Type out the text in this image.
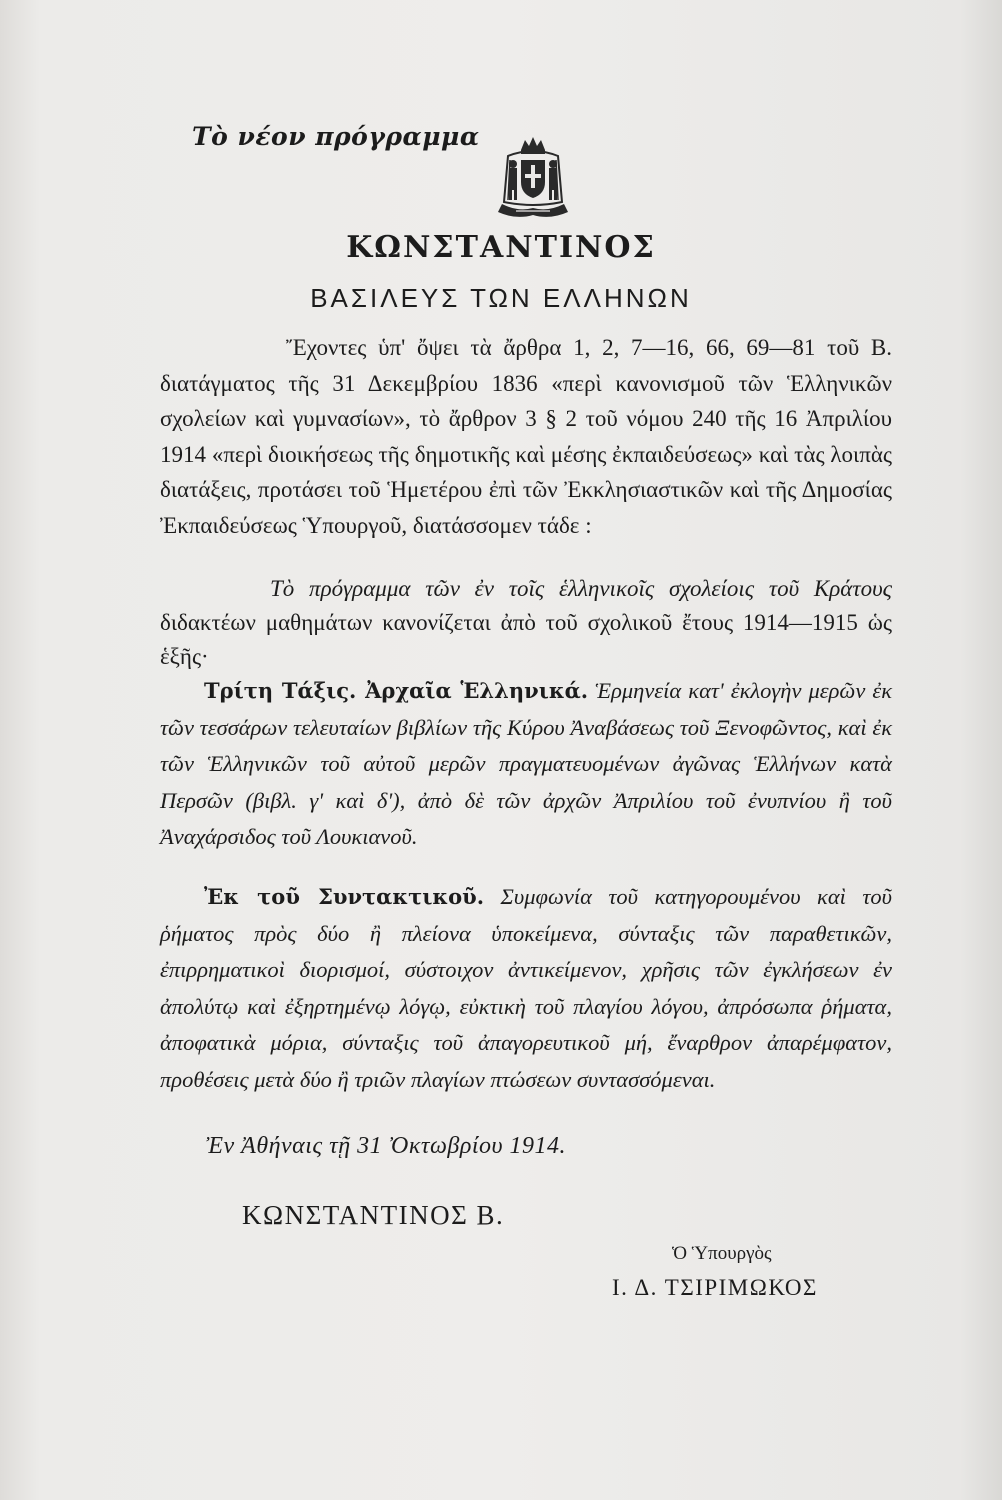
Τὸ νέον πρόγραμμα
ΚΩΝΣΤΑΝΤΙΝΟΣ
ΒΑΣΙΛΕΥΣ ΤΩΝ ΕΛΛΗΝΩΝ
Ἔχοντες ὑπ' ὄψει τὰ ἄρθρα 1, 2, 7—16, 66, 69—81 τοῦ Β. διατάγματος τῆς 31 Δεκεμβρίου 1836 «περὶ κανονισμοῦ τῶν Ἑλληνικῶν σχολείων καὶ γυμνασίων», τὸ ἄρθρον 3 § 2 τοῦ νόμου 240 τῆς 16 Ἀπριλίου 1914 «περὶ διοικήσεως τῆς δημοτικῆς καὶ μέσης ἐκπαιδεύσεως» καὶ τὰς λοιπὰς διατάξεις, προτάσει τοῦ Ἡμετέρου ἐπὶ τῶν Ἐκκλησιαστικῶν καὶ τῆς Δημοσίας Ἐκπαιδεύσεως Ὑπουργοῦ, διατάσσομεν τάδε :
Τὸ πρόγραμμα τῶν ἐν τοῖς ἑλληνικοῖς σχολείοις τοῦ Κράτους διδακτέων μαθημάτων κανονίζεται ἀπὸ τοῦ σχολικοῦ ἔτους 1914—1915 ὡς ἑξῆς·
Τρίτη Τάξις. Ἀρχαῖα Ἑλληνικά. Ἑρμηνεία κατ' ἐκλογὴν μερῶν ἐκ τῶν τεσσάρων τελευταίων βιβλίων τῆς Κύρου Ἀναβάσεως τοῦ Ξενοφῶντος, καὶ ἐκ τῶν Ἑλληνικῶν τοῦ αὐτοῦ μερῶν πραγματευομένων ἀγῶνας Ἑλλήνων κατὰ Περσῶν (βιβλ. γ' καὶ δ'), ἀπὸ δὲ τῶν ἀρχῶν Ἀπριλίου τοῦ ἐνυπνίου ἢ τοῦ Ἀναχάρσιδος τοῦ Λουκιανοῦ.
Ἐκ τοῦ Συντακτικοῦ. Συμφωνία τοῦ κατηγορουμένου καὶ τοῦ ῥήματος πρὸς δύο ἢ πλείονα ὑποκείμενα, σύνταξις τῶν παραθετικῶν, ἐπιρρηματικοὶ διορισμοί, σύστοιχον ἀντικείμενον, χρῆσις τῶν ἐγκλήσεων ἐν ἀπολύτῳ καὶ ἐξηρτημένῳ λόγῳ, εὐκτικὴ τοῦ πλαγίου λόγου, ἀπρόσωπα ῥήματα, ἀποφατικὰ μόρια, σύνταξις τοῦ ἀπαγορευτικοῦ μή, ἔναρθρον ἀπαρέμφατον, προθέσεις μετὰ δύο ἢ τριῶν πλαγίων πτώσεων συντασσόμεναι.
Ἐν Ἀθήναις τῇ 31 Ὀκτωβρίου 1914.
ΚΩΝΣΤΑΝΤΙΝΟΣ Β.
Ὁ Ὑπουργὸς
Ι. Δ. ΤΣΙΡΙΜΩΚΟΣ
